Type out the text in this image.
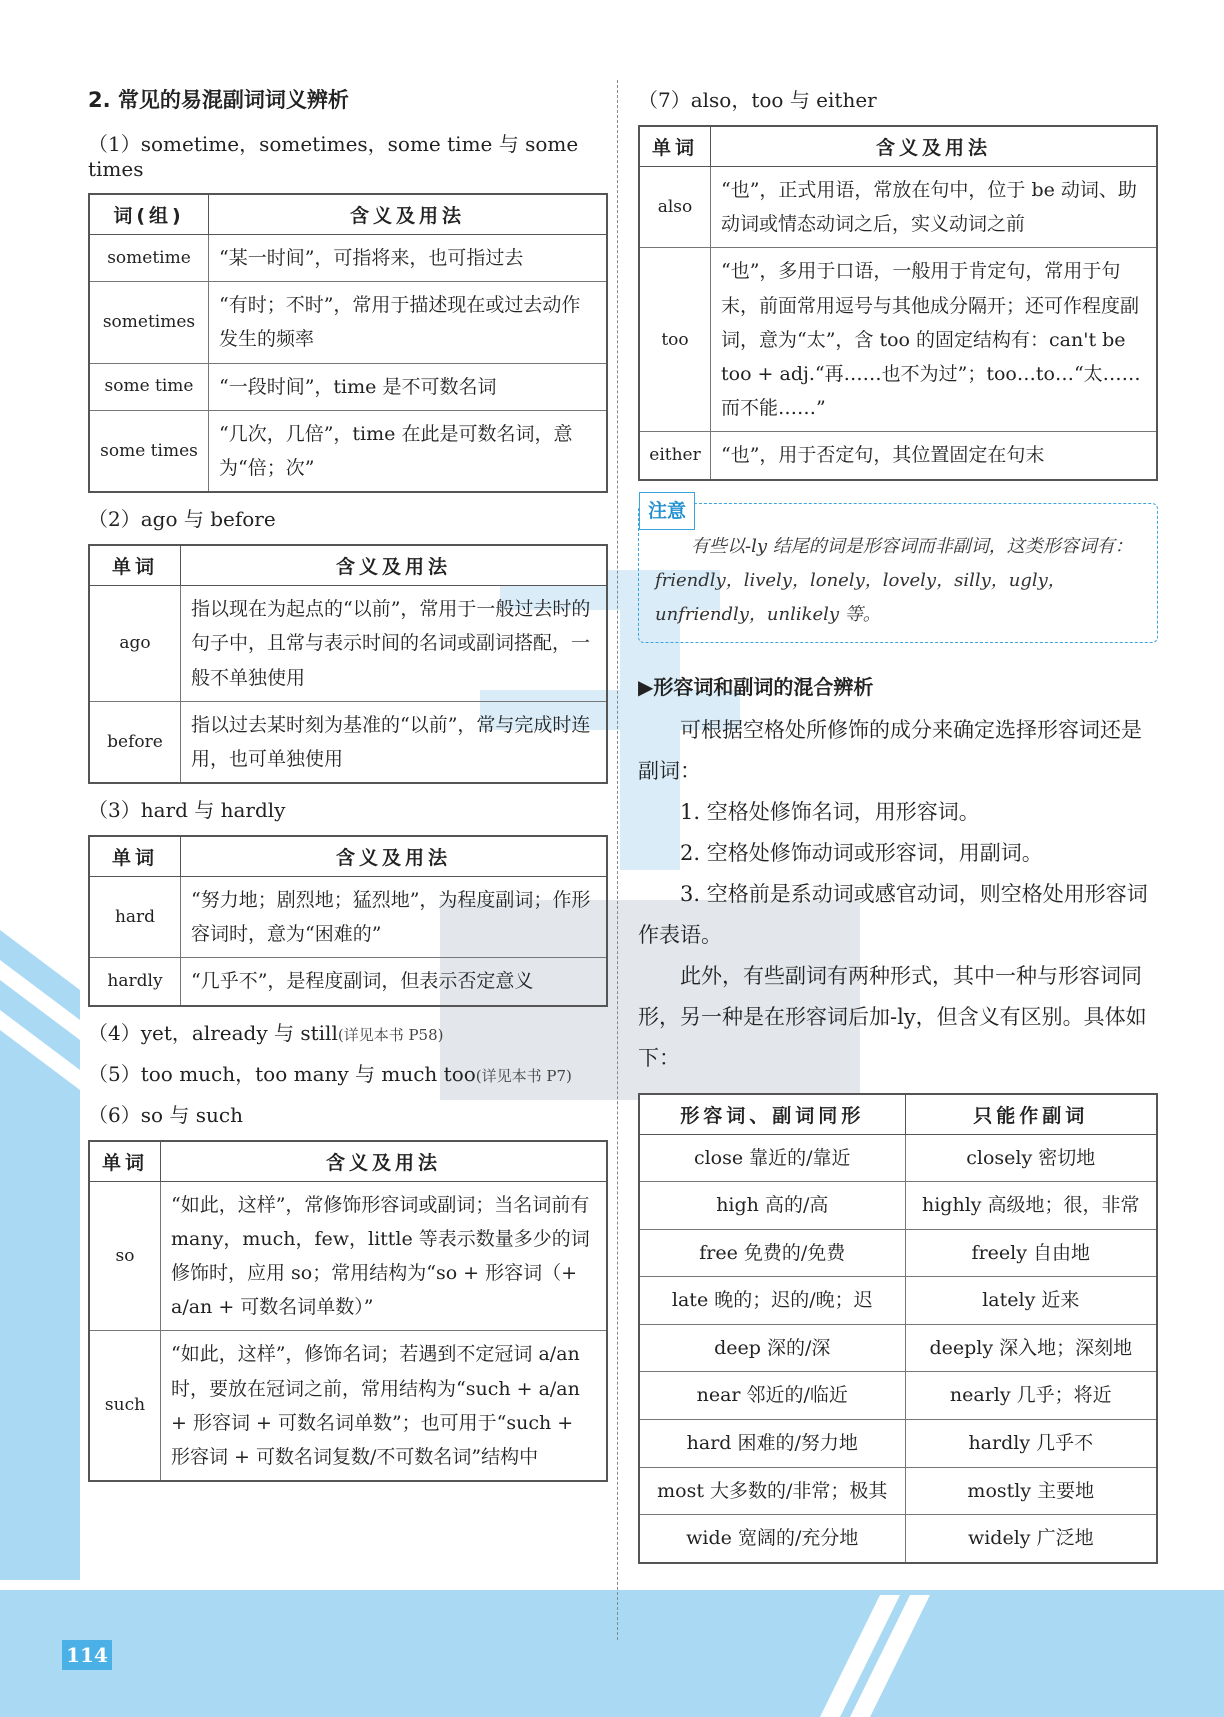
114
2. 常见的易混副词词义辨析
（1）sometime，sometimes，some time 与 some times
词(组)	含义及用法
sometime	“某一时间”，可指将来，也可指过去
sometimes	“有时；不时”，常用于描述现在或过去动作发生的频率
some time	“一段时间”，time 是不可数名词
some times	“几次，几倍”，time 在此是可数名词，意为“倍；次”
（2）ago 与 before
单词	含义及用法
ago	指以现在为起点的“以前”，常用于一般过去时的句子中，且常与表示时间的名词或副词搭配，一般不单独使用
before	指以过去某时刻为基准的“以前”，常与完成时连用，也可单独使用
（3）hard 与 hardly
单词	含义及用法
hard	“努力地；剧烈地；猛烈地”，为程度副词；作形容词时，意为“困难的”
hardly	“几乎不”，是程度副词，但表示否定意义
（4）yet，already 与 still(详见本书 P58)
（5）too much，too many 与 much too(详见本书 P7)
（6）so 与 such
单词	含义及用法
so	“如此，这样”，常修饰形容词或副词；当名词前有 many，much，few，little 等表示数量多少的词修饰时，应用 so；常用结构为“so + 形容词（+ a/an + 可数名词单数）”
such	“如此，这样”，修饰名词；若遇到不定冠词 a/an 时，要放在冠词之前，常用结构为“such + a/an + 形容词 + 可数名词单数”；也可用于“such + 形容词 + 可数名词复数/不可数名词”结构中
（7）also，too 与 either
单词	含义及用法
also	“也”，正式用语，常放在句中，位于 be 动词、助动词或情态动词之后，实义动词之前
too	“也”，多用于口语，一般用于肯定句，常用于句末，前面常用逗号与其他成分隔开；还可作程度副词，意为“太”，含 too 的固定结构有：can't be too + adj.“再……也不为过”；too…to…“太……而不能……”
either	“也”，用于否定句，其位置固定在句末
注意
有些以-ly 结尾的词是形容词而非副词，这类形容词有：friendly，lively，lonely，lovely，silly，ugly，unfriendly，unlikely 等。
▶形容词和副词的混合辨析

可根据空格处所修饰的成分来确定选择形容词还是副词：

1. 空格处修饰名词，用形容词。

2. 空格处修饰动词或形容词，用副词。

3. 空格前是系动词或感官动词，则空格处用形容词作表语。

此外，有些副词有两种形式，其中一种与形容词同形，另一种是在形容词后加-ly，但含义有区别。具体如下：

形容词、副词同形	只能作副词
close 靠近的/靠近	closely 密切地
high 高的/高	highly 高级地；很，非常
free 免费的/免费	freely 自由地
late 晚的；迟的/晚；迟	lately 近来
deep 深的/深	deeply 深入地；深刻地
near 邻近的/临近	nearly 几乎；将近
hard 困难的/努力地	hardly 几乎不
most 大多数的/非常；极其	mostly 主要地
wide 宽阔的/充分地	widely 广泛地
